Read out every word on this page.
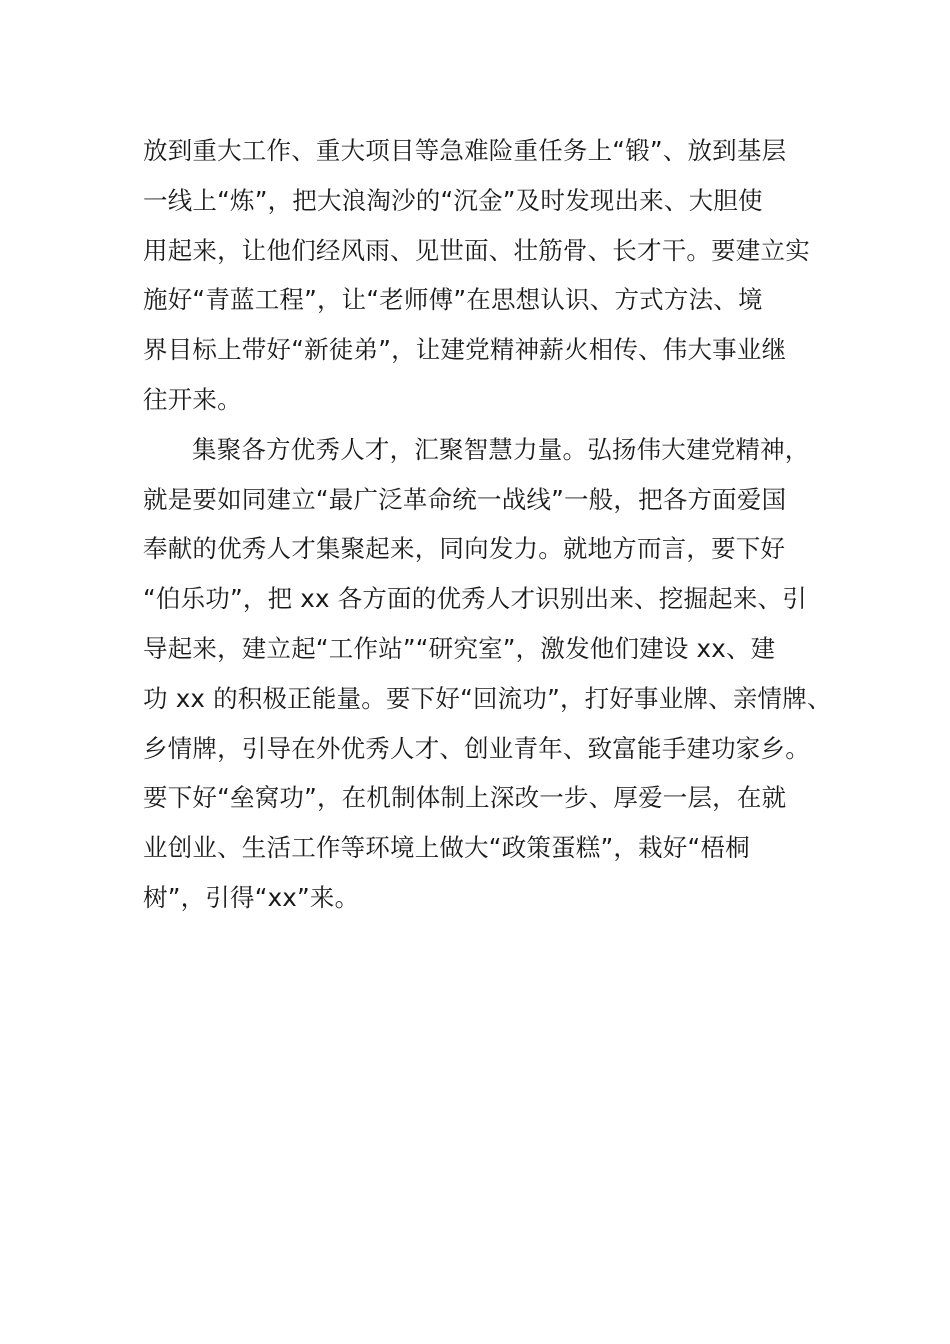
放到重大工作、重大项目等急难险重任务上“锻”、放到基层
一线上“炼”，把大浪淘沙的“沉金”及时发现出来、大胆使
用起来，让他们经风雨、见世面、壮筋骨、长才干。要建立实
施好“青蓝工程”，让“老师傅”在思想认识、方式方法、境
界目标上带好“新徒弟”，让建党精神薪火相传、伟大事业继
往开来。
集聚各方优秀人才，汇聚智慧力量。弘扬伟大建党精神，
就是要如同建立“最广泛革命统一战线”一般，把各方面爱国
奉献的优秀人才集聚起来，同向发力。就地方而言，要下好
“伯乐功”，把 xx 各方面的优秀人才识别出来、挖掘起来、引
导起来，建立起“工作站”“研究室”，激发他们建设 xx、建
功 xx 的积极正能量。要下好“回流功”，打好事业牌、亲情牌、
乡情牌，引导在外优秀人才、创业青年、致富能手建功家乡。
要下好“垒窝功”，在机制体制上深改一步、厚爱一层，在就
业创业、生活工作等环境上做大“政策蛋糕”，栽好“梧桐
树”，引得“xx”来。
